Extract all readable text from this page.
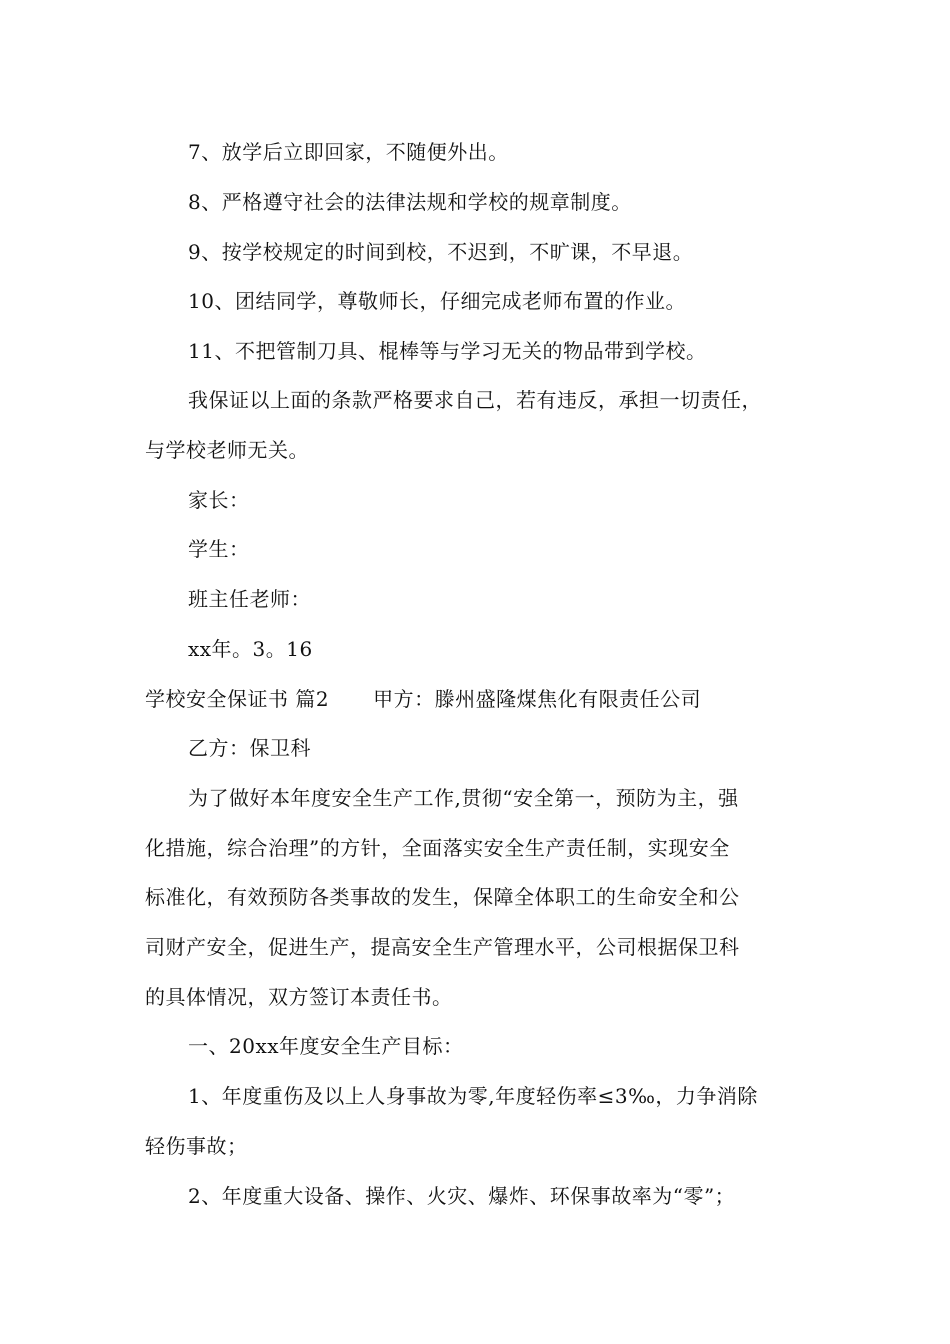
7、放学后立即回家，不随便外出。
8、严格遵守社会的法律法规和学校的规章制度。
9、按学校规定的时间到校，不迟到，不旷课，不早退。
10、团结同学，尊敬师长，仔细完成老师布置的作业。
11、不把管制刀具、棍棒等与学习无关的物品带到学校。
我保证以上面的条款严格要求自己，若有违反，承担一切责任，
与学校老师无关。
家长：
学生：
班主任老师：
xx年。3。16
学校安全保证书 篇2 甲方：滕州盛隆煤焦化有限责任公司
乙方：保卫科
为了做好本年度安全生产工作,贯彻“安全第一，预防为主，强
化措施，综合治理”的方针，全面落实安全生产责任制，实现安全
标准化，有效预防各类事故的发生，保障全体职工的生命安全和公
司财产安全，促进生产，提高安全生产管理水平，公司根据保卫科
的具体情况，双方签订本责任书。
一、20xx年度安全生产目标：
1、年度重伤及以上人身事故为零,年度轻伤率≤3‰，力争消除
轻伤事故；
2、年度重大设备、操作、火灾、爆炸、环保事故率为“零”；
